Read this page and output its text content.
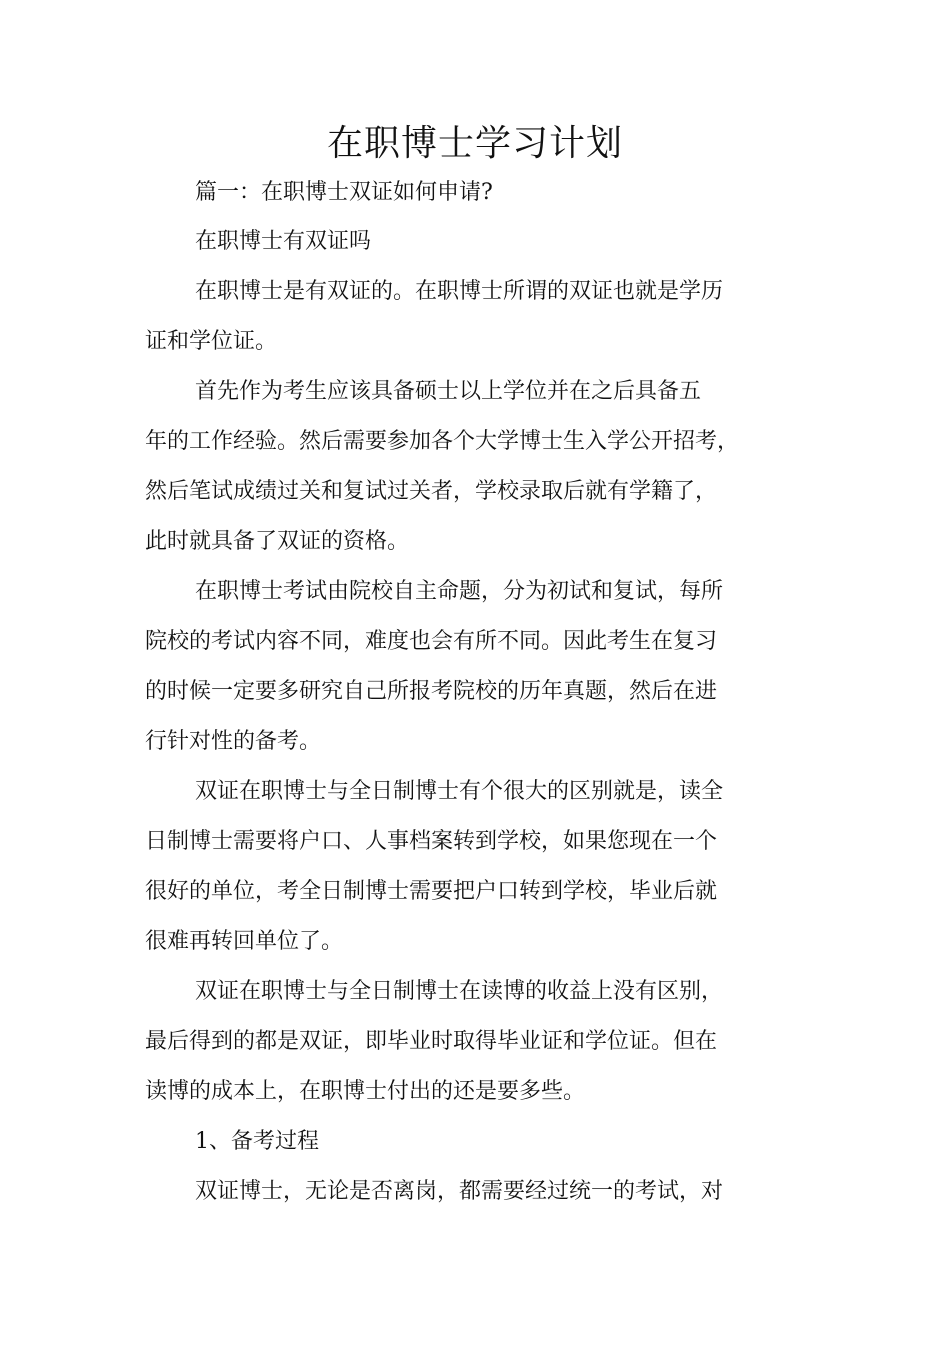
在职博士学习计划

篇一：在职博士双证如何申请?

在职博士有双证吗

在职博士是有双证的。在职博士所谓的双证也就是学历

证和学位证。

首先作为考生应该具备硕士以上学位并在之后具备五

年的工作经验。然后需要参加各个大学博士生入学公开招考，

然后笔试成绩过关和复试过关者，学校录取后就有学籍了，

此时就具备了双证的资格。

在职博士考试由院校自主命题，分为初试和复试，每所

院校的考试内容不同，难度也会有所不同。因此考生在复习

的时候一定要多研究自己所报考院校的历年真题，然后在进

行针对性的备考。

双证在职博士与全日制博士有个很大的区别就是，读全

日制博士需要将户口、人事档案转到学校，如果您现在一个

很好的单位，考全日制博士需要把户口转到学校，毕业后就

很难再转回单位了。

双证在职博士与全日制博士在读博的收益上没有区别，

最后得到的都是双证，即毕业时取得毕业证和学位证。但在

读博的成本上，在职博士付出的还是要多些。

1、备考过程

双证博士，无论是否离岗，都需要经过统一的考试，对
